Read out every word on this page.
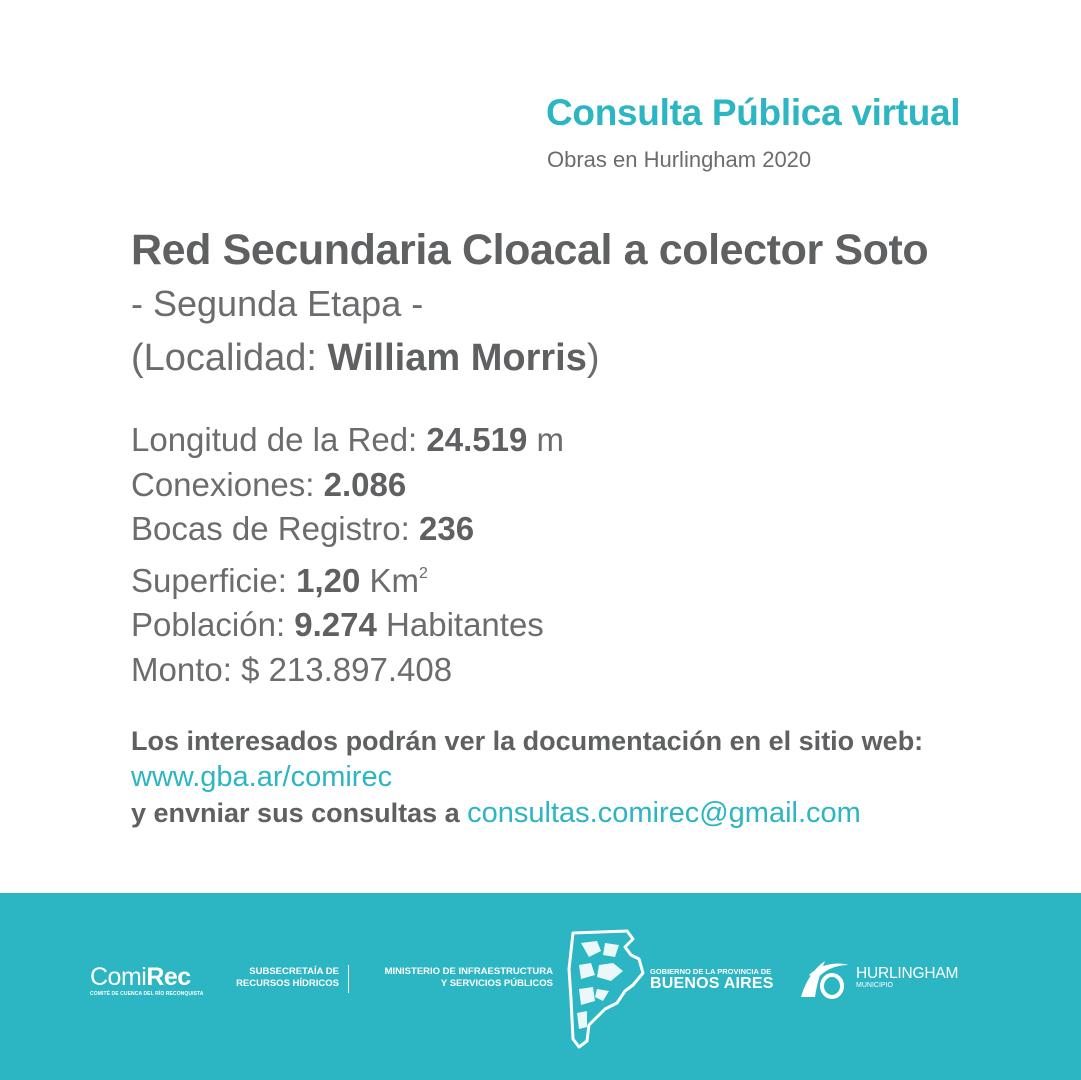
Consulta Pública virtual
Obras en Hurlingham 2020
Red Secundaria Cloacal a colector Soto
- Segunda Etapa -
(Localidad: William Morris)
Longitud de la Red: 24.519 m
Conexiones: 2.086
Bocas de Registro: 236
Superficie: 1,20 Km$^2$
Población: 9.274 Habitantes
Monto: $ 213.897.408
Los interesados podrán ver la documentación en el sitio web:
www.gba.ar/comirec
y envniar sus consultas a consultas.comirec@gmail.com
ComiRec
COMITÉ DE CUENCA DEL RÍO RECONQUISTA
SUBSECRETAÍA DE
RECURSOS HÍDRICOS
MINISTERIO DE INFRAESTRUCTURA
Y SERVICIOS PÚBLICOS
GOBIERNO DE LA PROVINCIA DE
BUENOS AIRES
HURLINGHAM
MUNICIPIO
